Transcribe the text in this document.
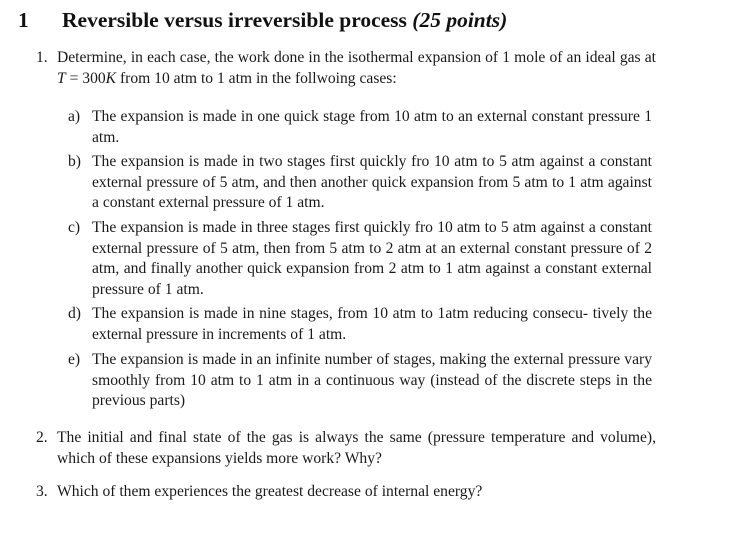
1 Reversible versus irreversible process (25 points)
1. Determine, in each case, the work done in the isothermal expansion of 1 mole of an ideal gas at T = 300K from 10 atm to 1 atm in the follwoing cases:
a) The expansion is made in one quick stage from 10 atm to an external constant pressure 1 atm.
b) The expansion is made in two stages first quickly fro 10 atm to 5 atm against a constant external pressure of 5 atm, and then another quick expansion from 5 atm to 1 atm against a constant external pressure of 1 atm.
c) The expansion is made in three stages first quickly fro 10 atm to 5 atm against a constant external pressure of 5 atm, then from 5 atm to 2 atm at an external constant pressure of 2 atm, and finally another quick expansion from 2 atm to 1 atm against a constant external pressure of 1 atm.
d) The expansion is made in nine stages, from 10 atm to 1atm reducing consecu- tively the external pressure in increments of 1 atm.
e) The expansion is made in an infinite number of stages, making the external pressure vary smoothly from 10 atm to 1 atm in a continuous way (instead of the discrete steps in the previous parts)
2. The initial and final state of the gas is always the same (pressure temperature and volume), which of these expansions yields more work? Why?
3. Which of them experiences the greatest decrease of internal energy?
